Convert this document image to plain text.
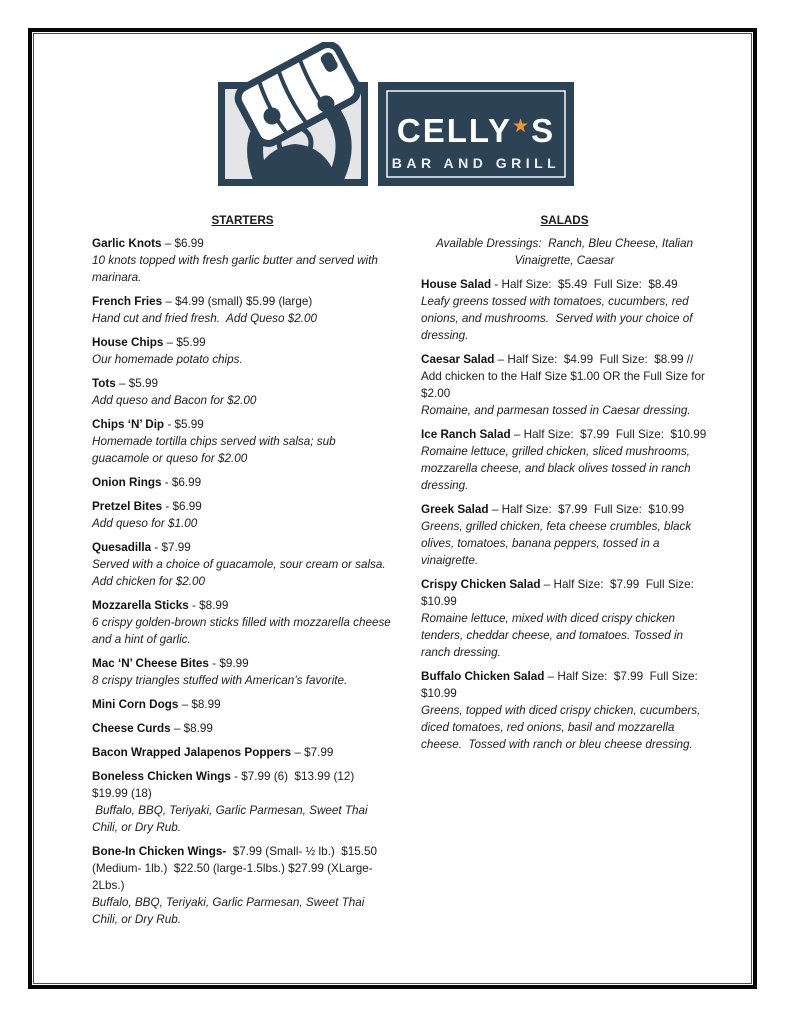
CELLY★S
BAR AND GRILL
STARTERS

Garlic Knots – $6.99
10 knots topped with fresh garlic butter and served with marinara.

French Fries – $4.99 (small) $5.99 (large)
Hand cut and fried fresh.  Add Queso $2.00

House Chips – $5.99
Our homemade potato chips.

Tots – $5.99
Add queso and Bacon for $2.00

Chips ‘N’ Dip - $5.99
Homemade tortilla chips served with salsa; sub guacamole or queso for $2.00

Onion Rings - $6.99

Pretzel Bites - $6.99
Add queso for $1.00

Quesadilla - $7.99
Served with a choice of guacamole, sour cream or salsa. Add chicken for $2.00

Mozzarella Sticks - $8.99
6 crispy golden-brown sticks filled with mozzarella cheese and a hint of garlic.

Mac ‘N’ Cheese Bites - $9.99
8 crispy triangles stuffed with American’s favorite.

Mini Corn Dogs – $8.99

Cheese Curds – $8.99

Bacon Wrapped Jalapenos Poppers – $7.99

Boneless Chicken Wings - $7.99 (6)  $13.99 (12)  $19.99 (18)
Buffalo, BBQ, Teriyaki, Garlic Parmesan, Sweet Thai Chili, or Dry Rub.

Bone-In Chicken Wings-  $7.99 (Small- ½ lb.)  $15.50 (Medium- 1lb.)  $22.50 (large-1.5lbs.) $27.99 (XLarge-2Lbs.)
Buffalo, BBQ, Teriyaki, Garlic Parmesan, Sweet Thai Chili, or Dry Rub.

SALADS

Available Dressings:  Ranch, Bleu Cheese, Italian Vinaigrette, Caesar

House Salad - Half Size:  $5.49  Full Size:  $8.49
Leafy greens tossed with tomatoes, cucumbers, red onions, and mushrooms.  Served with your choice of dressing.

Caesar Salad – Half Size:  $4.99  Full Size:  $8.99 // Add chicken to the Half Size $1.00 OR the Full Size for $2.00
Romaine, and parmesan tossed in Caesar dressing.

Ice Ranch Salad – Half Size:  $7.99  Full Size:  $10.99
Romaine lettuce, grilled chicken, sliced mushrooms, mozzarella cheese, and black olives tossed in ranch dressing.

Greek Salad – Half Size:  $7.99  Full Size:  $10.99
Greens, grilled chicken, feta cheese crumbles, black olives, tomatoes, banana peppers, tossed in a vinaigrette.

Crispy Chicken Salad – Half Size:  $7.99  Full Size:  $10.99
Romaine lettuce, mixed with diced crispy chicken tenders, cheddar cheese, and tomatoes. Tossed in ranch dressing.

Buffalo Chicken Salad – Half Size:  $7.99  Full Size:  $10.99
Greens, topped with diced crispy chicken, cucumbers, diced tomatoes, red onions, basil and mozzarella cheese.  Tossed with ranch or bleu cheese dressing.
